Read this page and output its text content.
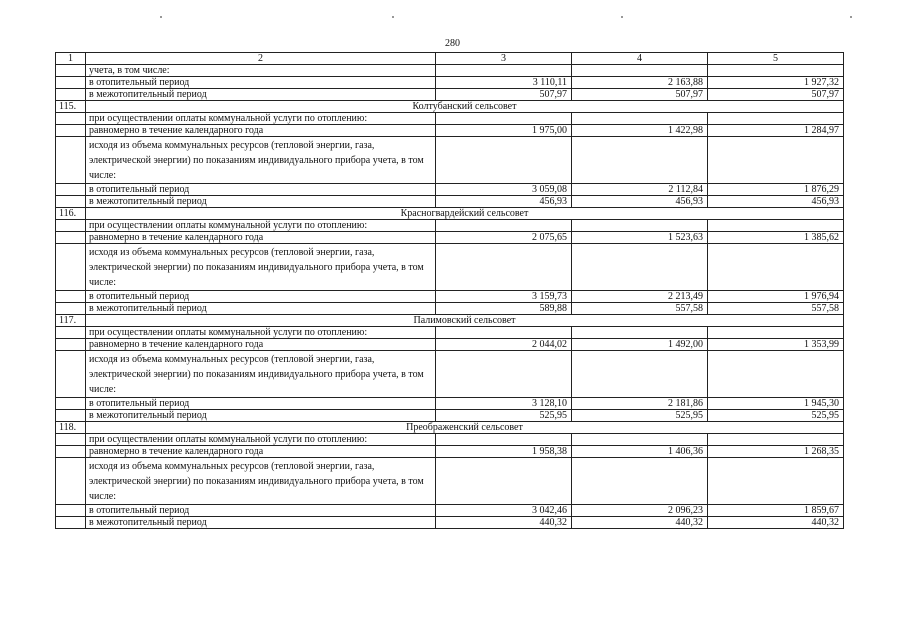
280
1	2	3	4	5
	учета, в том числе:			
	в отопительный период	3 110,11	2 163,88	1 927,32
	в межотопительный период	507,97	507,97	507,97
115.	Колтубанский сельсовет			
	при осуществлении оплаты коммунальной услуги по отоплению:			
	равномерно в течение календарного года	1 975,00	1 422,98	1 284,97
	исходя из объема коммунальных ресурсов (тепловой энергии, газа, электрической энергии) по показаниям индивидуального прибора учета, в том числе:			
	в отопительный период	3 059,08	2 112,84	1 876,29
	в межотопительный период	456,93	456,93	456,93
116.	Красногвардейский сельсовет			
	при осуществлении оплаты коммунальной услуги по отоплению:			
	равномерно в течение календарного года	2 075,65	1 523,63	1 385,62
	исходя из объема коммунальных ресурсов (тепловой энергии, газа, электрической энергии) по показаниям индивидуального прибора учета, в том числе:			
	в отопительный период	3 159,73	2 213,49	1 976,94
	в межотопительный период	589,88	557,58	557,58
117.	Палимовский сельсовет			
	при осуществлении оплаты коммунальной услуги по отоплению:			
	равномерно в течение календарного года	2 044,02	1 492,00	1 353,99
	исходя из объема коммунальных ресурсов (тепловой энергии, газа, электрической энергии) по показаниям индивидуального прибора учета, в том числе:			
	в отопительный период	3 128,10	2 181,86	1 945,30
	в межотопительный период	525,95	525,95	525,95
118.	Преображенский сельсовет			
	при осуществлении оплаты коммунальной услуги по отоплению:			
	равномерно в течение календарного года	1 958,38	1 406,36	1 268,35
	исходя из объема коммунальных ресурсов (тепловой энергии, газа, электрической энергии) по показаниям индивидуального прибора учета, в том числе:			
	в отопительный период	3 042,46	2 096,23	1 859,67
	в межотопительный период	440,32	440,32	440,32
